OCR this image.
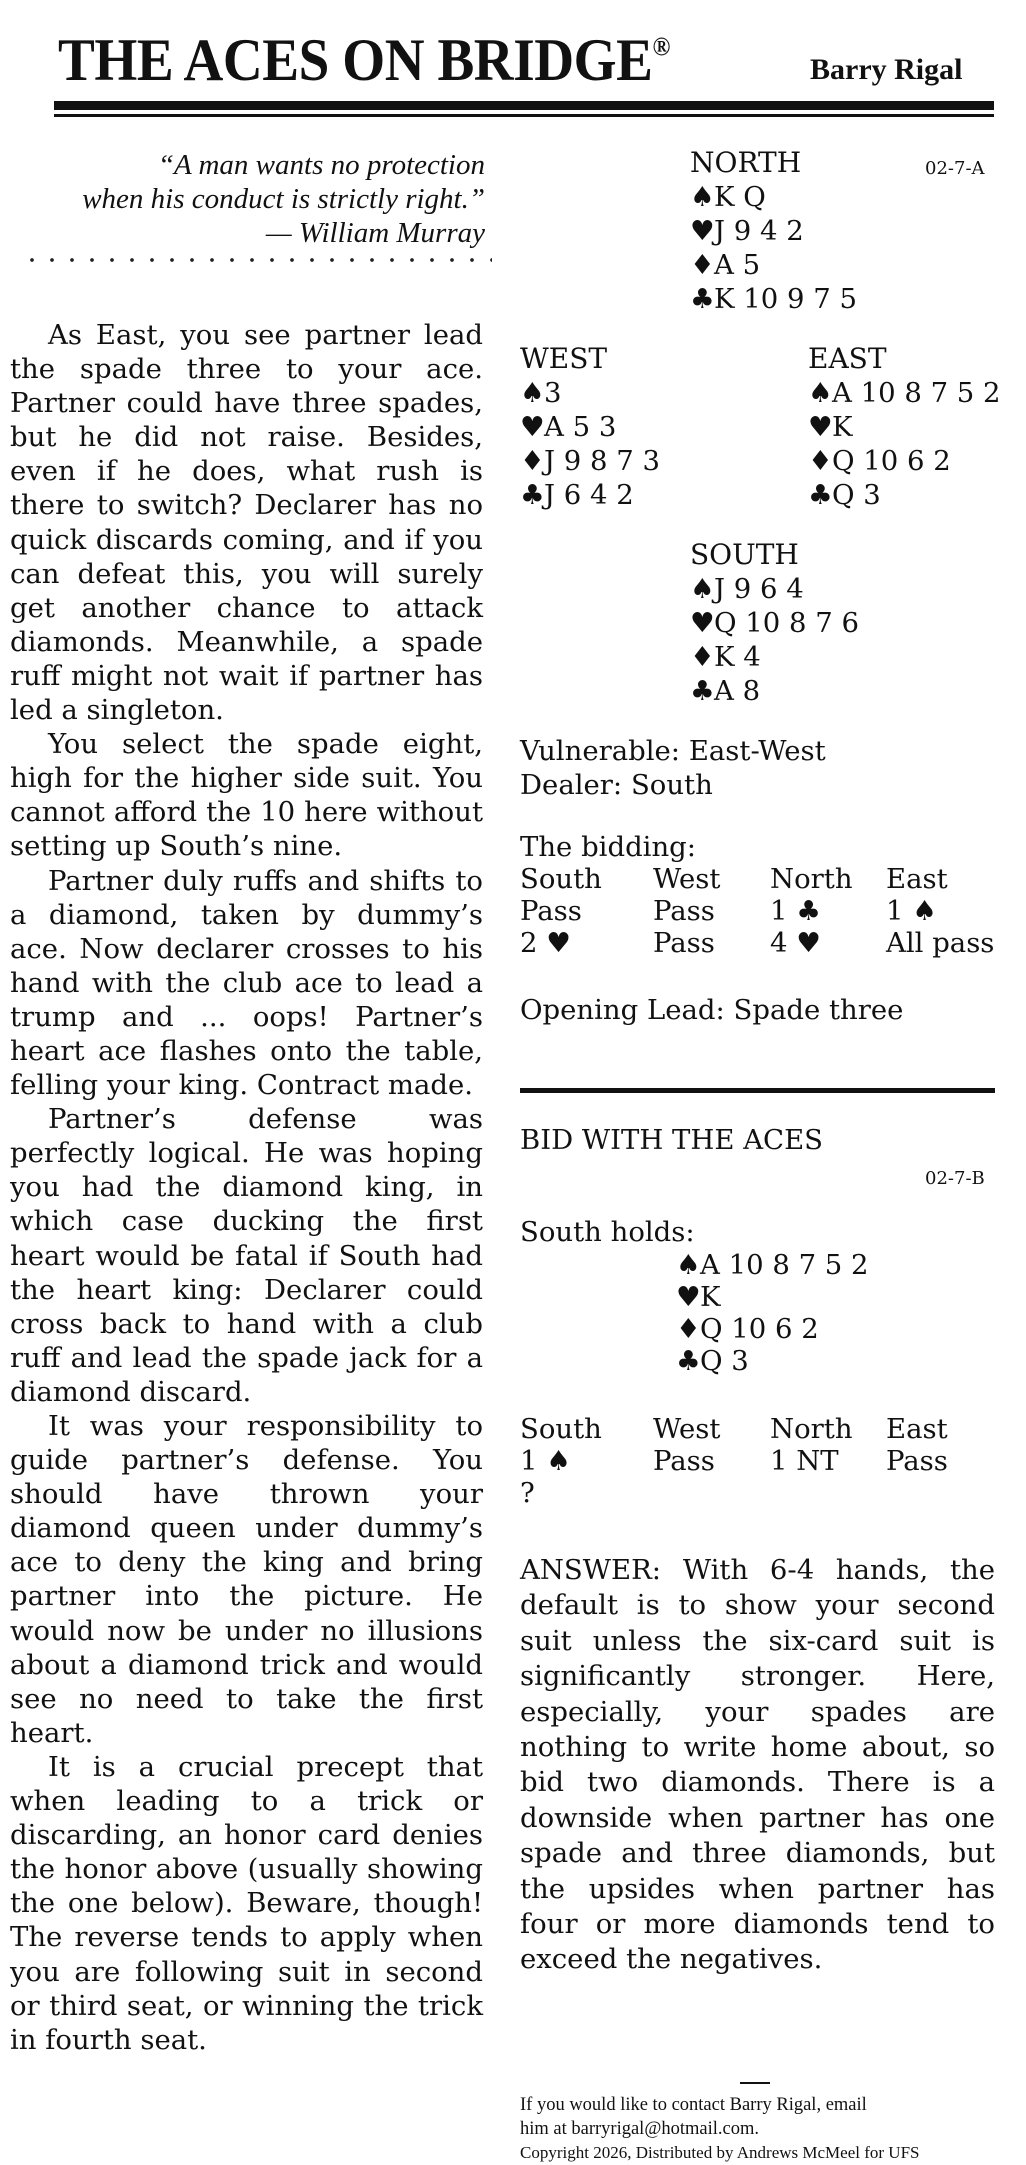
THE ACES ON BRIDGE®
Barry Rigal
“A man wants no protection
when his conduct is strictly right.”
— William Murray

As East, you see partner lead the spade three to your ace. Partner could have three spades, but he did not raise. Besides, even if he does, what rush is there to switch? Declarer has no quick discards coming, and if you can defeat this, you will surely get another chance to attack diamonds. Meanwhile, a spade ruff might not wait if partner has led a singleton.

You select the spade eight, high for the higher side suit. You cannot afford the 10 here without setting up South’s nine.

Partner duly ruffs and shifts to a diamond, taken by dummy’s ace. Now declarer crosses to his hand with the club ace to lead a trump and ... oops! Partner’s heart ace flashes onto the table, felling your king. Contract made.

Partner’s defense was perfectly logical. He was hoping you had the diamond king, in which case ducking the first heart would be fatal if South had the heart king: Declarer could cross back to hand with a club ruff and lead the spade jack for a diamond discard.

It was your responsibility to guide partner’s defense. You should have thrown your diamond queen under dummy’s ace to deny the king and bring partner into the picture. He would now be under no illusions about a diamond trick and would see no need to take the first heart.

It is a crucial precept that when leading to a trick or discarding, an honor card denies the honor above (usually showing the one below). Beware, though! The reverse tends to apply when you are following suit in second or third seat, or winning the trick in fourth seat.

02-7-A
NORTH
♠K Q
♥J 9 4 2
♦A 5
♣K 10 9 7 5
WEST
♠3
♥A 5 3
♦J 9 8 7 3
♣J 6 4 2
EAST
♠A 10 8 7 5 2
♥K
♦Q 10 6 2
♣Q 3
SOUTH
♠J 9 6 4
♥Q 10 8 7 6
♦K 4
♣A 8
Vulnerable: East-West
Dealer: South
The bidding:
South West North East
Pass	Pass 1 ♣ 1 ♠
2 ♥	Pass 4 ♥ All pass
Opening Lead: Spade three
BID WITH THE ACES
02-7-B
South holds:
♠A 10 8 7 5 2
♥K
♦Q 10 6 2
♣Q 3
South West North East
1 ♠	Pass 1 NT Pass
?
ANSWER: With 6-4 hands, the default is to show your second suit unless the six-card suit is significantly stronger. Here, especially, your spades are nothing to write home about, so bid two diamonds. There is a downside when partner has one spade and three diamonds, but the upsides when partner has four or more diamonds tend to exceed the negatives.
If you would like to contact Barry Rigal, email
him at barryrigal@hotmail.com.
Copyright 2026, Distributed by Andrews McMeel for UFS
